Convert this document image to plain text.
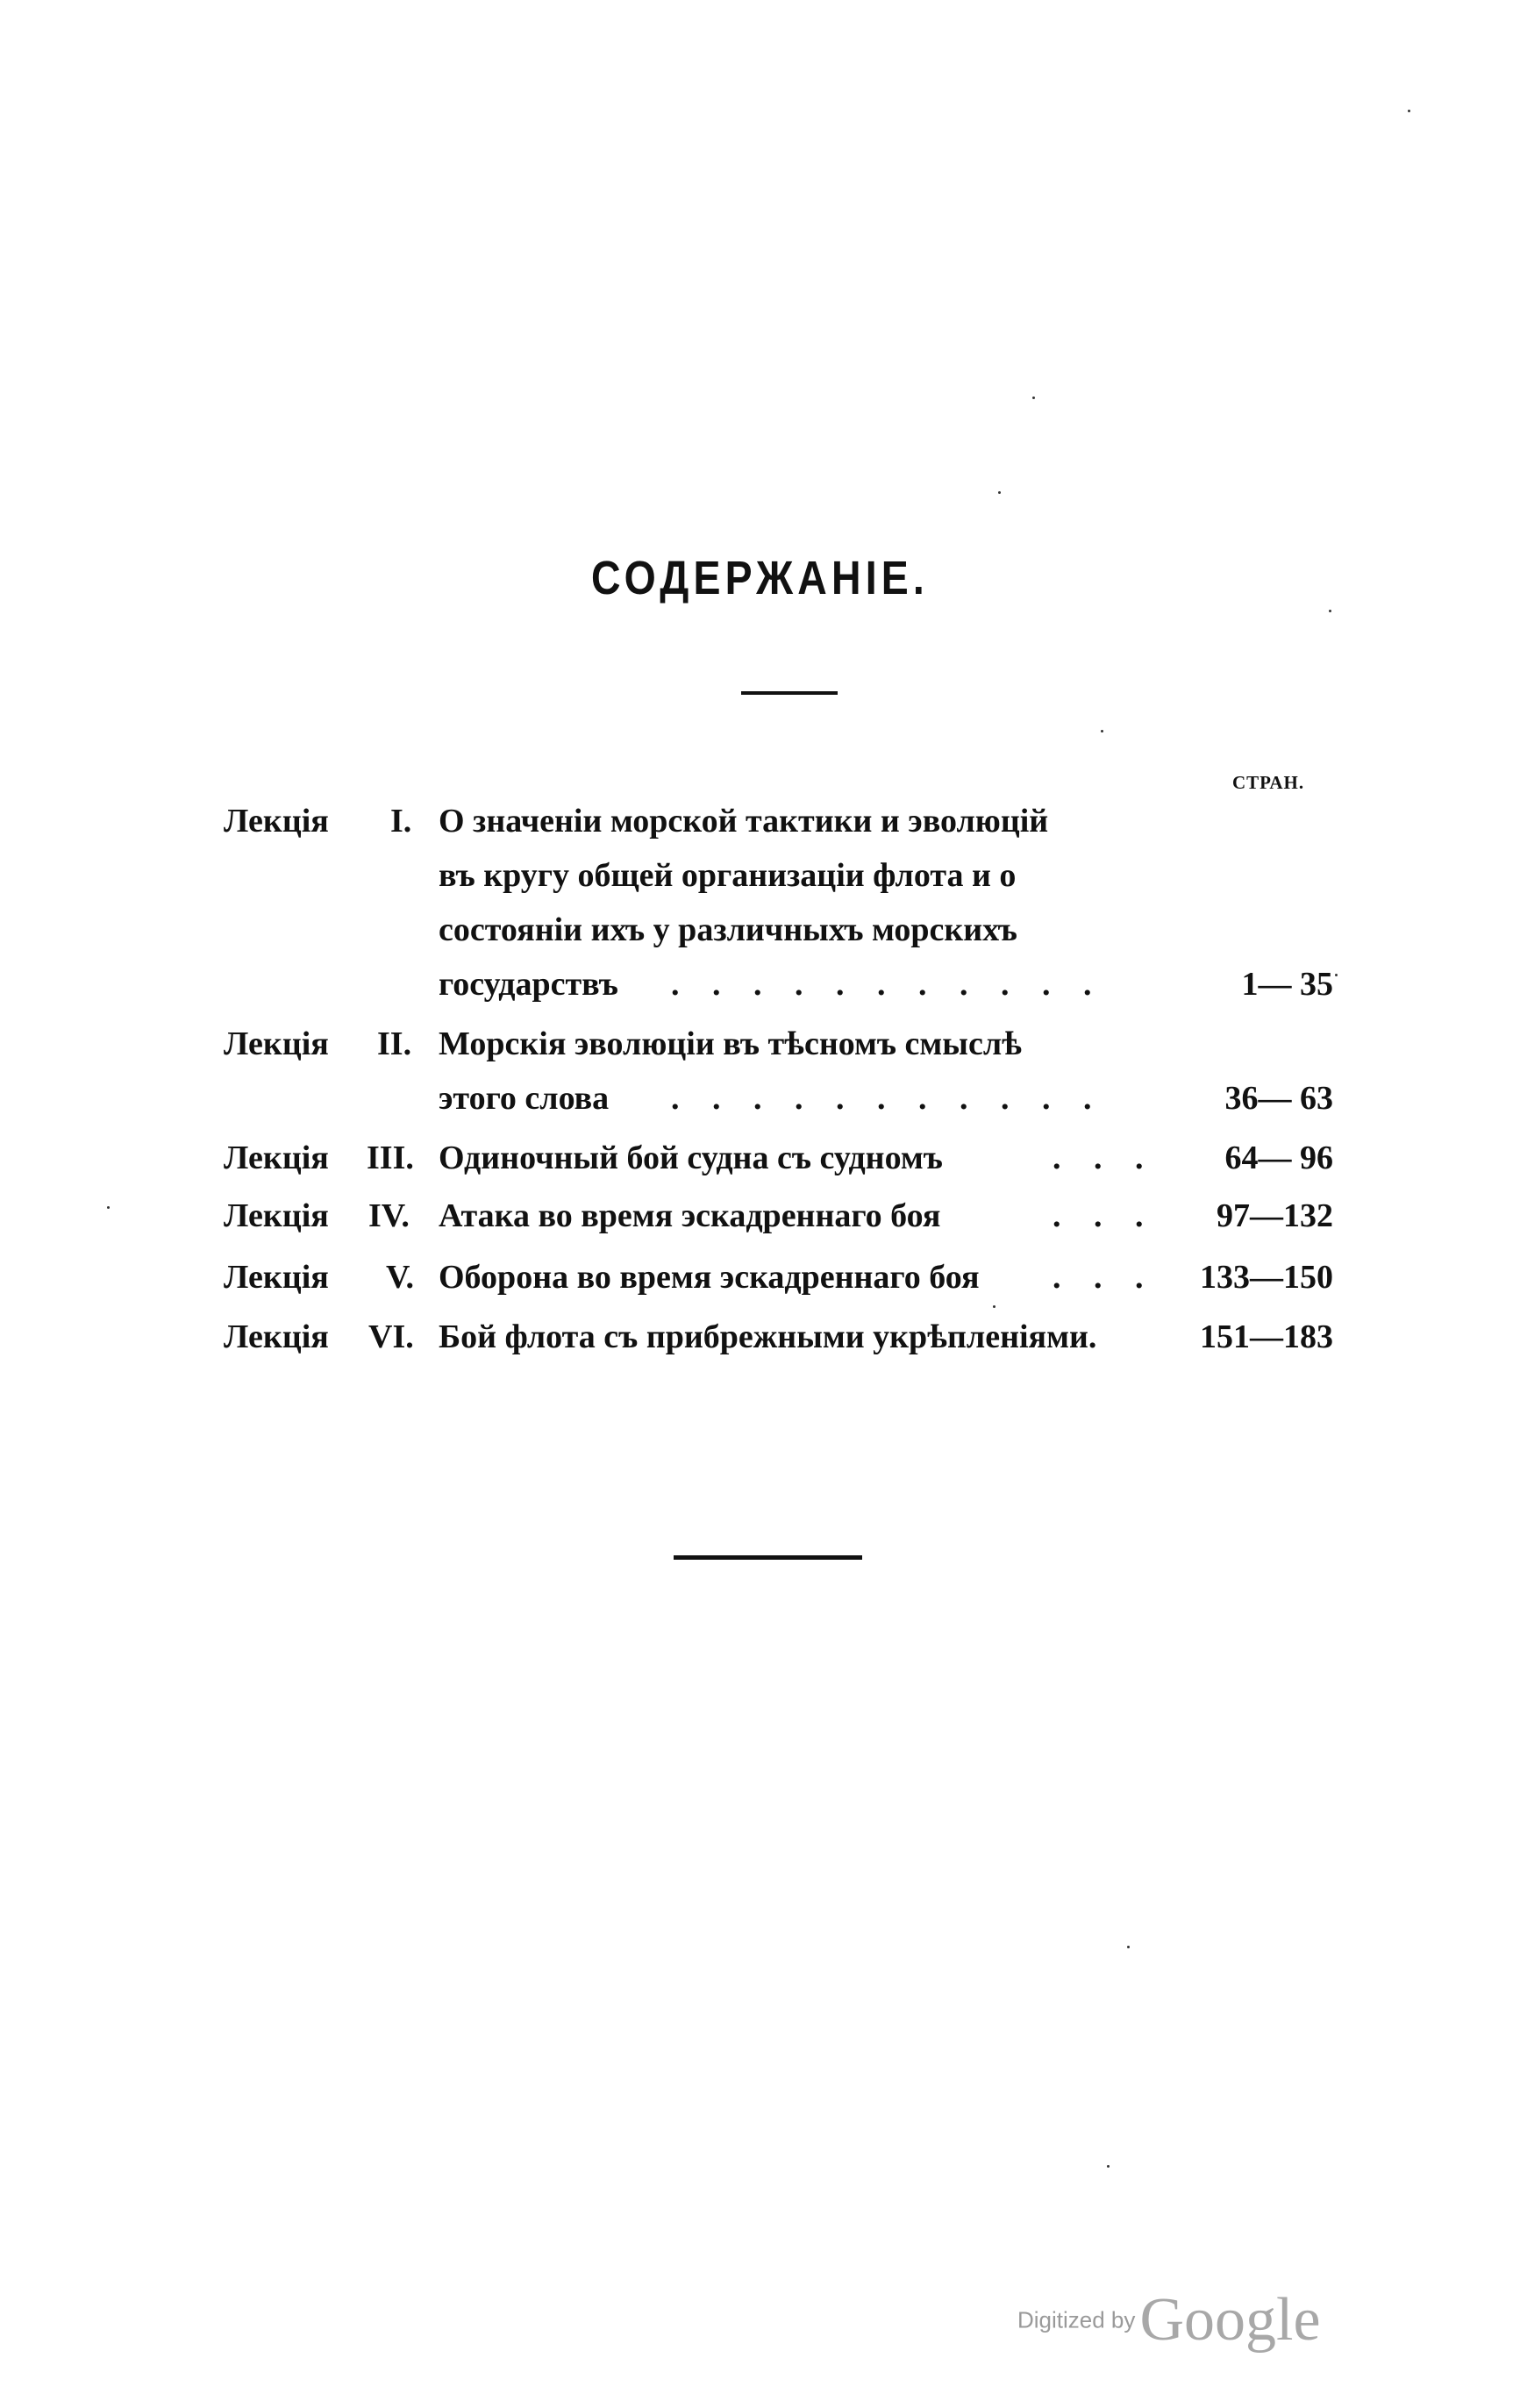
СОДЕРЖАНІЕ.
СТРАН.
Лекція I. О значеніи морской тактики и эволюцій
въ кругу общей организаціи флота и о
состояніи ихъ у различныхъ морскихъ
государствъ . . . . . . . . . . .	1— 35
Лекція II. Морскія эволюціи въ тѣсномъ смыслѣ
этого слова . . . . . . . . . . .	36— 63
Лекція III. Одиночный бой судна съ судномъ	. . .	64— 96
Лекція IV. Атака во время эскадреннаго боя	. . .	97—132
Лекція V. Оборона во время эскадреннаго боя . . .	133—150
Лекція VI. Бой флота съ прибрежными укрѣпленіями.	151—183
Digitized by Google
